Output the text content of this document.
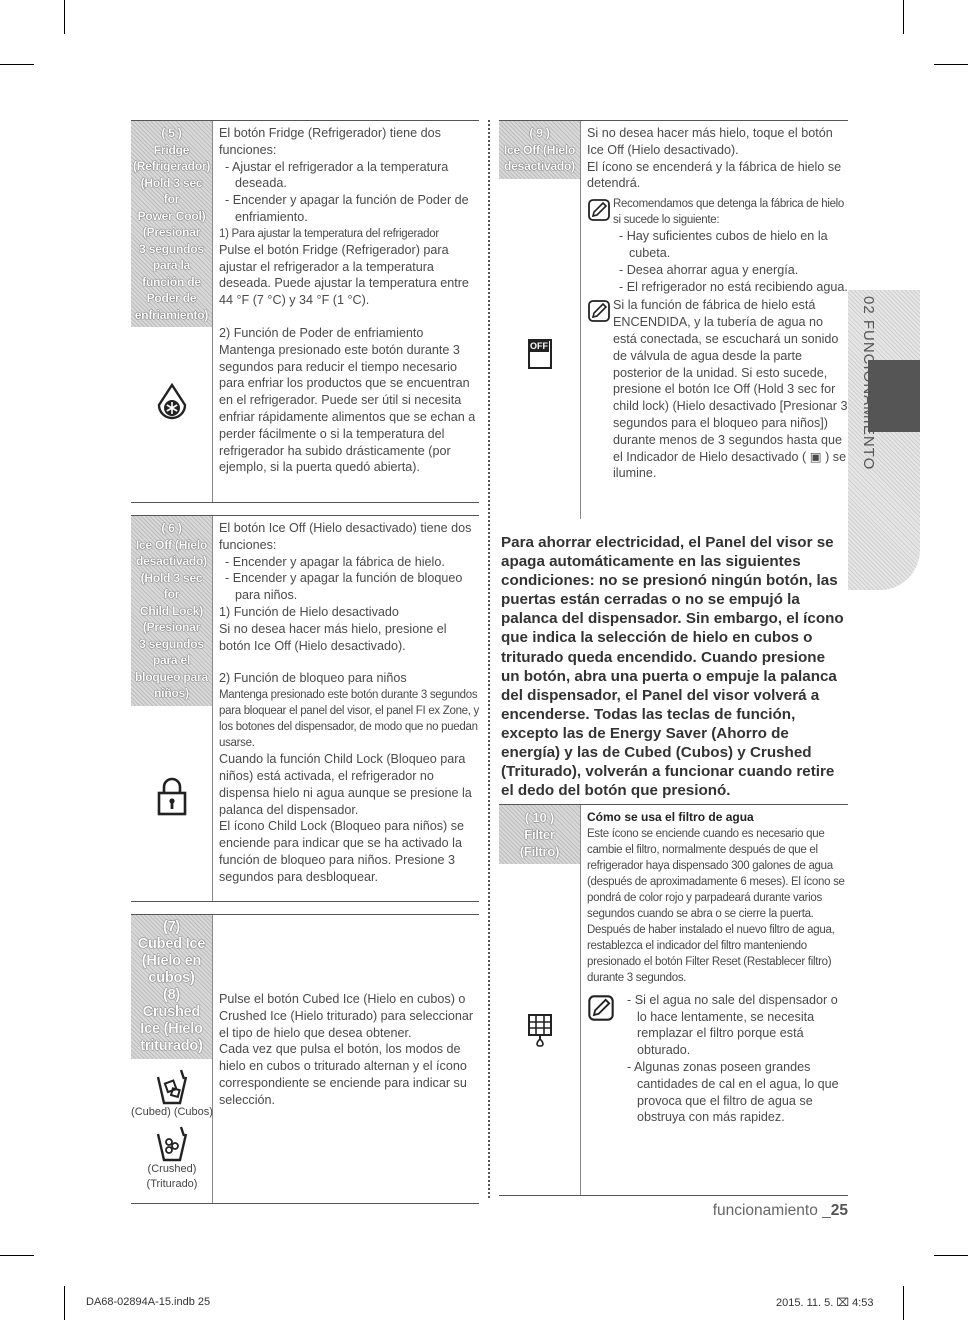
( 5 )
Fridge
(Refrigerador)
(Hold 3 sec for
Power Cool)
(Presionar
3 segundos
para la
función de
Poder de
enfriamiento)
El botón Fridge (Refrigerador) tiene dos funciones:
- Ajustar el refrigerador a la temperatura deseada.
- Encender y apagar la función de Poder de enfriamiento.
1) Para ajustar la temperatura del refrigerador
Pulse el botón Fridge (Refrigerador) para ajustar el refrigerador a la temperatura deseada. Puede ajustar la temperatura entre 44 °F (7 °C) y 34 °F (1 °C).
2) Función de Poder de enfriamiento
Mantenga presionado este botón durante 3 segundos para reducir el tiempo necesario para enfriar los productos que se encuentran en el refrigerador. Puede ser útil si necesita enfriar rápidamente alimentos que se echan a perder fácilmente o si la temperatura del refrigerador ha subido drásticamente (por ejemplo, si la puerta quedó abierta).
( 6 )
Ice Off (Hielo
desactivado)
(Hold 3 sec for
Child Lock)
(Presionar
3 segundos
para el
bloqueo para
niños)
El botón Ice Off (Hielo desactivado) tiene dos funciones:
- Encender y apagar la fábrica de hielo.
- Encender y apagar la función de bloqueo para niños.
1) Función de Hielo desactivado
Si no desea hacer más hielo, presione el botón Ice Off (Hielo desactivado).
2) Función de bloqueo para niños
Mantenga presionado este botón durante 3 segundos para bloquear el panel del visor, el panel FI ex Zone, y los botones del dispensador, de modo que no puedan usarse.
Cuando la función Child Lock (Bloqueo para niños) está activada, el refrigerador no dispensa hielo ni agua aunque se presione la palanca del dispensador.
El ícono Child Lock (Bloqueo para niños) se enciende para indicar que se ha activado la función de bloqueo para niños. Presione 3 segundos para desbloquear.
(7)
Cubed Ice
(Hielo en
cubos)
(8)
Crushed
Ice (Hielo
triturado)
(Cubed) (Cubos)
(Crushed)
(Triturado)
Pulse el botón Cubed Ice (Hielo en cubos) o Crushed Ice (Hielo triturado) para seleccionar el tipo de hielo que desea obtener.
Cada vez que pulsa el botón, los modos de hielo en cubos o triturado alternan y el ícono correspondiente se enciende para indicar su selección.
( 9 )
Ice Off (Hielo
desactivado)
OFF
Si no desea hacer más hielo, toque el botón Ice Off (Hielo desactivado).
El ícono se encenderá y la fábrica de hielo se detendrá.
Recomendamos que detenga la fábrica de hielo si sucede lo siguiente:
- Hay suficientes cubos de hielo en la cubeta.
- Desea ahorrar agua y energía.
- El refrigerador no está recibiendo agua.
Si la función de fábrica de hielo está ENCENDIDA, y la tubería de agua no está conectada, se escuchará un sonido de válvula de agua desde la parte posterior de la unidad. Si esto sucede, presione el botón Ice Off (Hold 3 sec for child lock) (Hielo desactivado [Presionar 3 segundos para el bloqueo para niños]) durante menos de 3 segundos hasta que el Indicador de Hielo desactivado ( ▣ ) se ilumine.
Para ahorrar electricidad, el Panel del visor se apaga automáticamente en las siguientes condiciones: no se presionó ningún botón, las puertas están cerradas o no se empujó la palanca del dispensador. Sin embargo, el ícono que indica la selección de hielo en cubos o triturado queda encendido. Cuando presione un botón, abra una puerta o empuje la palanca del dispensador, el Panel del visor volverá a encenderse. Todas las teclas de función, excepto las de Energy Saver (Ahorro de energía) y las de Cubed (Cubos) y Crushed (Triturado), volverán a funcionar cuando retire el dedo del botón que presionó.
( 10 )
Filter
(Filtro)
Cómo se usa el filtro de agua
Este ícono se enciende cuando es necesario que cambie el filtro, normalmente después de que el refrigerador haya dispensado 300 galones de agua (después de aproximadamente 6 meses). El ícono se pondrá de color rojo y parpadeará durante varios segundos cuando se abra o se cierre la puerta.
Después de haber instalado el nuevo filtro de agua, restablezca el indicador del filtro manteniendo presionado el botón Filter Reset (Restablecer filtro) durante 3 segundos.
- Si el agua no sale del dispensador o lo hace lentamente, se necesita remplazar el filtro porque está obturado.
- Algunas zonas poseen grandes cantidades de cal en el agua, lo que provoca que el filtro de agua se obstruya con más rapidez.
02 FUNCIONAMIENTO
funcionamiento _25
DA68-02894A-15.indb 25	2015. 11. 5. ⌧ 4:53
